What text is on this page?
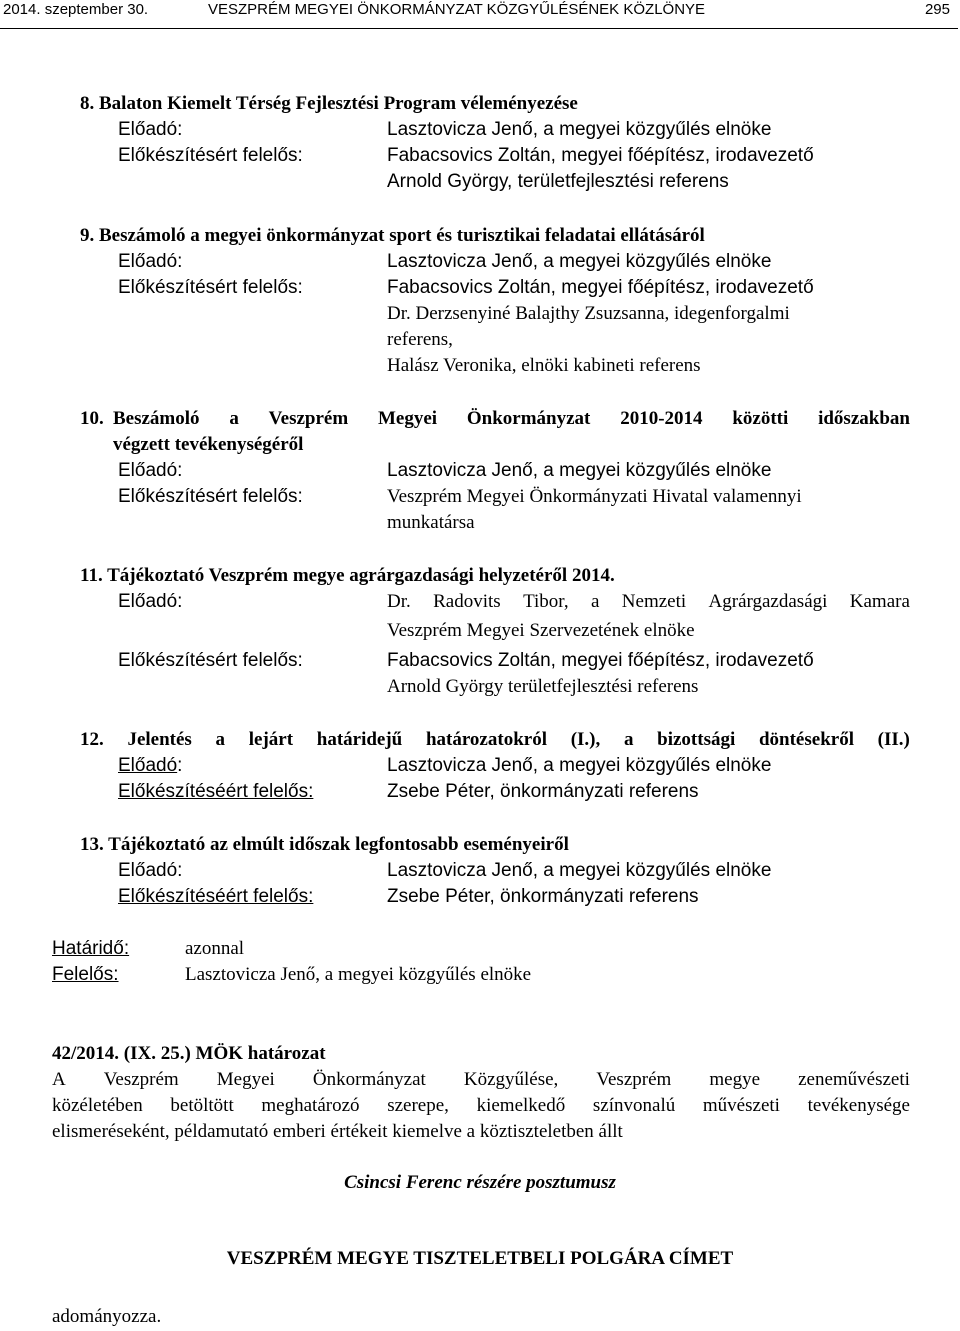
2014. szeptember 30.	VESZPRÉM MEGYEI ÖNKORMÁNYZAT KÖZGYŰLÉSÉNEK KÖZLÖNYE	295
8. Balaton Kiemelt Térség Fejlesztési Program véleményezése
Előadó:	Lasztovicza Jenő, a megyei közgyűlés elnöke
Előkészítésért felelős:	Fabacsovics Zoltán, megyei főépítész, irodavezető
Arnold György, területfejlesztési referens
9. Beszámoló a megyei önkormányzat sport és turisztikai feladatai ellátásáról
Előadó:	Lasztovicza Jenő, a megyei közgyűlés elnöke
Előkészítésért felelős:	Fabacsovics Zoltán, megyei főépítész, irodavezető
Dr. Derzsenyiné Balajthy Zsuzsanna, idegenforgalmi
referens,
Halász Veronika, elnöki kabineti referens
10. Beszámoló a Veszprém Megyei Önkormányzat 2010-2014 közötti időszakban
végzett tevékenységéről
Előadó:	Lasztovicza Jenő, a megyei közgyűlés elnöke
Előkészítésért felelős:	Veszprém Megyei Önkormányzati Hivatal valamennyi
munkatársa
11. Tájékoztató Veszprém megye agrárgazdasági helyzetéről 2014.
Előadó:	Dr. Radovits Tibor, a Nemzeti Agrárgazdasági Kamara
Veszprém Megyei Szervezetének elnöke
Előkészítésért felelős:	Fabacsovics Zoltán, megyei főépítész, irodavezető
Arnold György területfejlesztési referens
12. Jelentés a lejárt határidejű határozatokról (I.), a bizottsági döntésekről (II.)
Előadó:	Lasztovicza Jenő, a megyei közgyűlés elnöke
Előkészítéséért felelős:	Zsebe Péter, önkormányzati referens
13. Tájékoztató az elmúlt időszak legfontosabb eseményeiről
Előadó:	Lasztovicza Jenő, a megyei közgyűlés elnöke
Előkészítéséért felelős:	Zsebe Péter, önkormányzati referens
Határidő:	azonnal
Felelős:	Lasztovicza Jenő, a megyei közgyűlés elnöke
42/2014. (IX. 25.) MÖK határozat
A Veszprém Megyei Önkormányzat Közgyűlése, Veszprém megye zeneművészeti
közéletében betöltött meghatározó szerepe, kiemelkedő színvonalú művészeti tevékenysége
elismeréseként, példamutató emberi értékeit kiemelve a köztiszteletben állt
Csincsi Ferenc részére posztumusz
VESZPRÉM MEGYE TISZTELETBELI POLGÁRA CÍMET
adományozza.
